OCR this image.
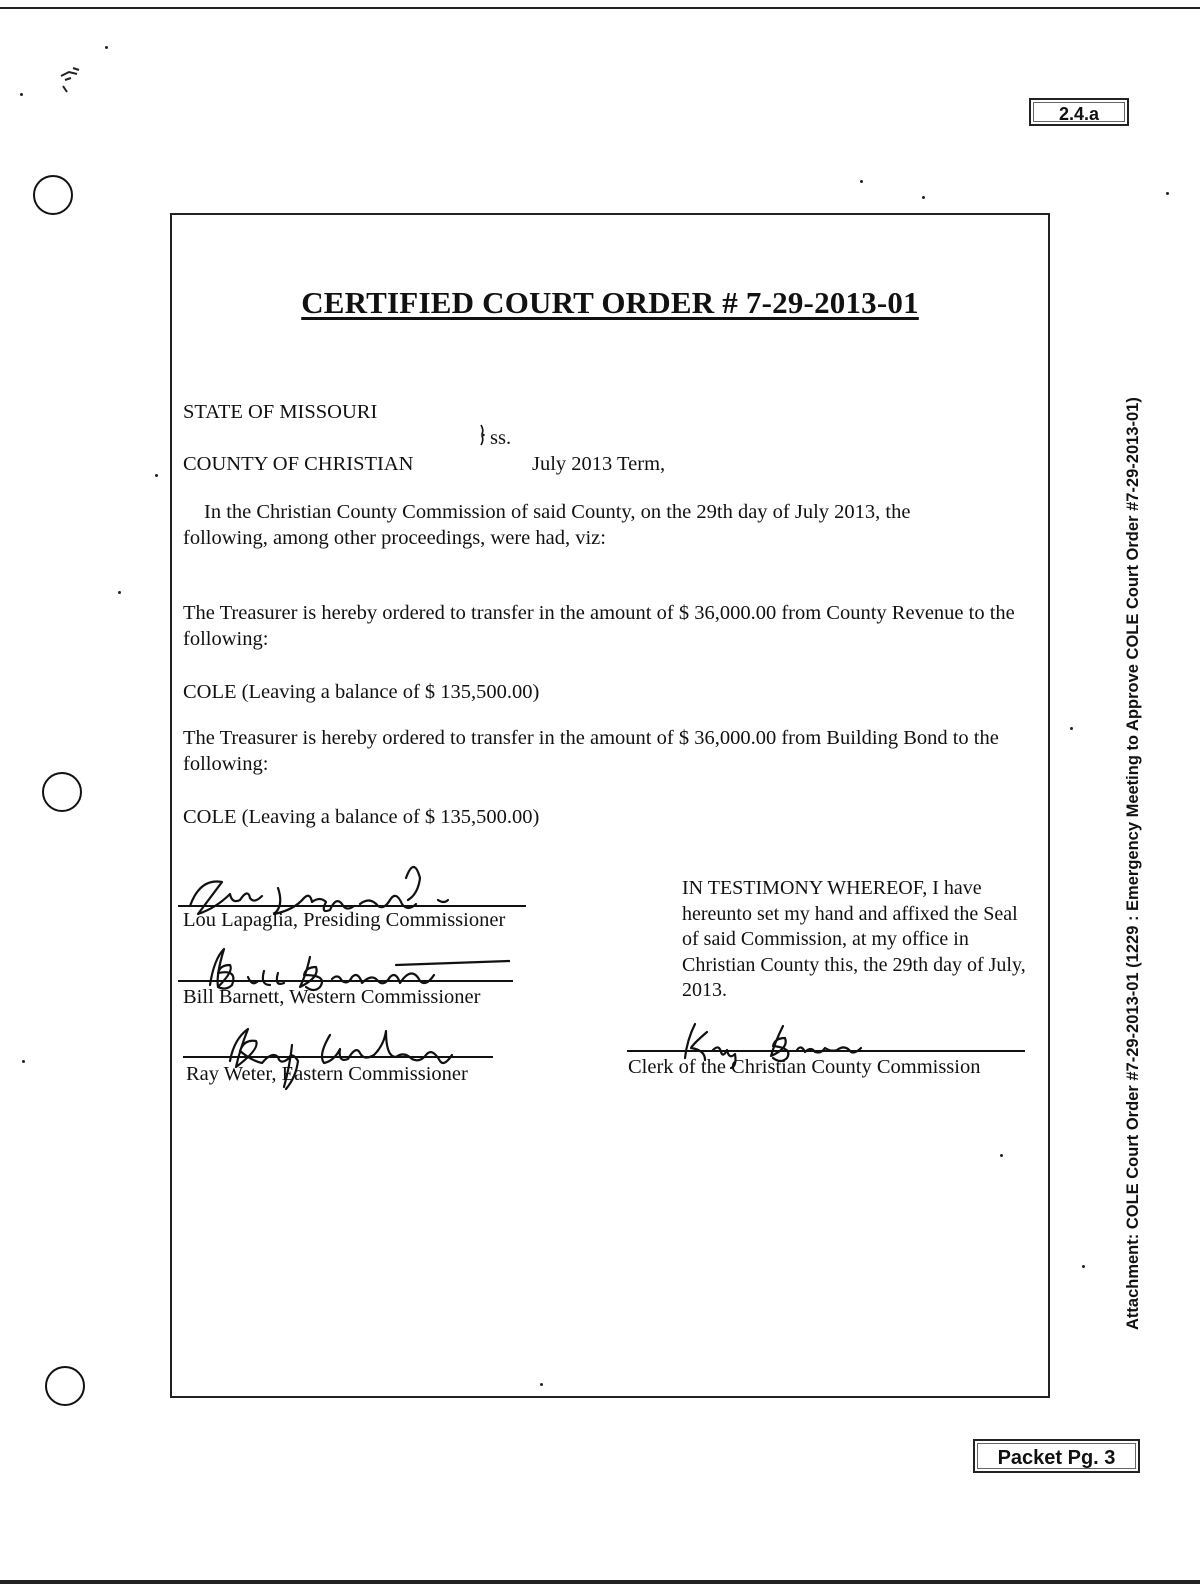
2.4.a
Attachment: COLE Court Order #7-29-2013-01 (1229 : Emergency Meeting to Approve COLE Court Order #7-29-2013-01)
CERTIFIED COURT ORDER # 7-29-2013-01
STATE OF MISSOURI
ss.
COUNTY OF CHRISTIAN	July 2013 Term,
In the Christian County Commission of said County, on the 29th day of July 2013, the following, among other proceedings, were had, viz:
The Treasurer is hereby ordered to transfer in the amount of $ 36,000.00 from County Revenue to the following:
COLE (Leaving a balance of $ 135,500.00)
The Treasurer is hereby ordered to transfer in the amount of $ 36,000.00 from Building Bond to the following:
COLE (Leaving a balance of $ 135,500.00)
Lou Lapaglia, Presiding Commissioner
Bill Barnett, Western Commissioner
Ray Weter, Eastern Commissioner
IN TESTIMONY WHEREOF, I have hereunto set my hand and affixed the Seal of said Commission, at my office in Christian County this, the 29th day of July, 2013.
Clerk of the Christian County Commission
Packet Pg. 3
